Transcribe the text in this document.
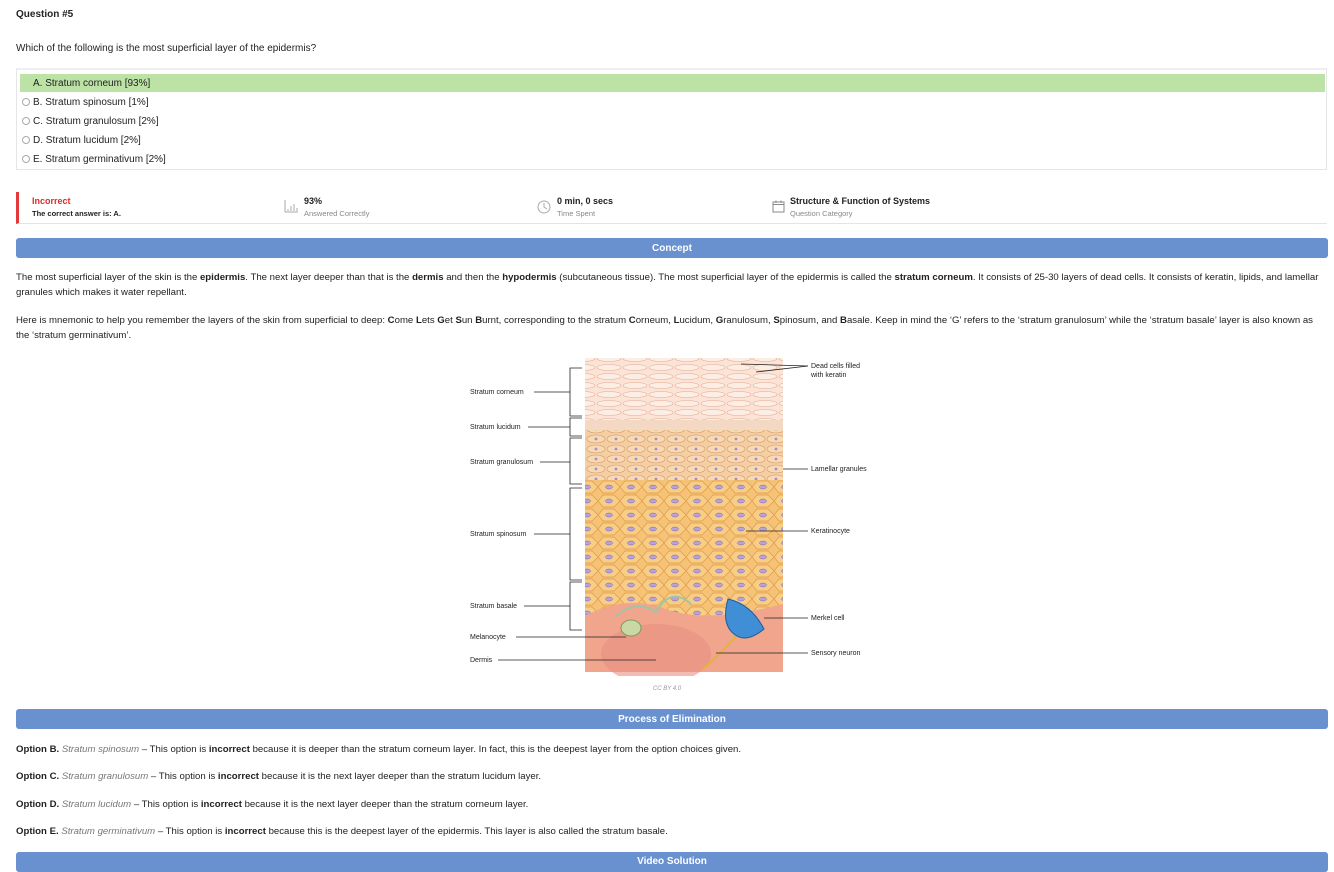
Question #5
Which of the following is the most superficial layer of the epidermis?
A. Stratum corneum [93%]
B. Stratum spinosum [1%]
C. Stratum granulosum [2%]
D. Stratum lucidum [2%]
E. Stratum germinativum [2%]
Incorrect
The correct answer is: A.
93%
Answered Correctly
0 min, 0 secs
Time Spent
Structure & Function of Systems
Question Category
Concept
The most superficial layer of the skin is the epidermis. The next layer deeper than that is the dermis and then the hypodermis (subcutaneous tissue). The most superficial layer of the epidermis is called the stratum corneum. It consists of 25-30 layers of dead cells. It consists of keratin, lipids, and lamellar granules which makes it water repellant.
Here is mnemonic to help you remember the layers of the skin from superficial to deep: Come Lets Get Sun Burnt, corresponding to the stratum Corneum, Lucidum, Granulosum, Spinosum, and Basale. Keep in mind the ‘G’ refers to the ‘stratum granulosum’ while the ‘stratum basale’ layer is also known as the ‘stratum germinativum’.
Stratum corneum
Stratum lucidum
Stratum granulosum
Stratum spinosum
Stratum basale
Melanocyte
Dermis
Dead cells filled
with keratin
Lamellar granules
Keratinocyte
Merkel cell
Sensory neuron
CC BY 4.0
Process of Elimination
Option B. Stratum spinosum – This option is incorrect because it is deeper than the stratum corneum layer. In fact, this is the deepest layer from the option choices given.
Option C. Stratum granulosum – This option is incorrect because it is the next layer deeper than the stratum lucidum layer.
Option D. Stratum lucidum – This option is incorrect because it is the next layer deeper than the stratum corneum layer.
Option E. Stratum germinativum – This option is incorrect because this is the deepest layer of the epidermis. This layer is also called the stratum basale.
Video Solution
